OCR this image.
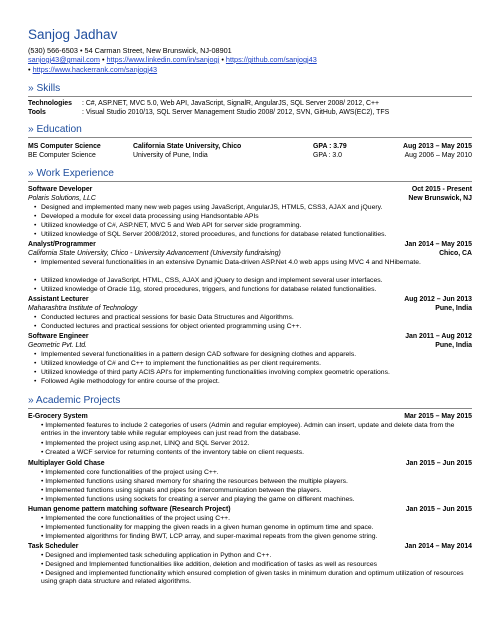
Sanjog Jadhav
(530) 566-6503 • 54 Carman Street, New Brunswick, NJ-08901
sanjogj43@gmail.com • https://www.linkedin.com/in/sanjogj • https://github.com/sanjogj43
• https://www.hackerrank.com/sanjogj43
» Skills
Technologies : C#, ASP.NET, MVC 5.0, Web API, JavaScript, SignalR, AngularJS, SQL Server 2008/ 2012, C++
Tools	: Visual Studio 2010/13, SQL Server Management Studio 2008/ 2012, SVN, GitHub, AWS(EC2), TFS
» Education
MS Computer Science	California State University, Chico	GPA : 3.79	Aug 2013 – May 2015
BE Computer Science	University of Pune, India	GPA : 3.0	Aug 2006 – May 2010
» Work Experience
Software Developer	Oct 2015 - Present
Polaris Solutions, LLC	New Brunswick, NJ
• Designed and implemented many new web pages using JavaScript, AngularJS, HTML5, CSS3, AJAX and jQuery.
• Developed a module for excel data processing using Handsontable APIs
• Utilized knowledge of C#, ASP.NET, MVC 5 and Web API for server side programming.
• Utilized knowledge of SQL Server 2008/2012, stored procedures, and functions for database related functionalities.
Analyst/Programmer	Jan 2014 – May 2015
California State University, Chico - University Advancement (University fundraising)	Chico, CA
• Implemented several functionalities in an extensive Dynamic Data-driven ASP.Net 4.0 web apps using MVC 4 and NHibernate.
• Utilized knowledge of JavaScript, HTML, CSS, AJAX and jQuery to design and implement several user interfaces.
• Utilized knowledge of Oracle 11g, stored procedures, triggers, and functions for database related functionalities.
Assistant Lecturer	Aug 2012 – Jun 2013
Maharashtra Institute of Technology	Pune, India
• Conducted lectures and practical sessions for basic Data Structures and Algorithms.
• Conducted lectures and practical sessions for object oriented programming using C++.
Software Engineer	Jan 2011 – Aug 2012
Geometric Pvt. Ltd.	Pune, India
• Implemented several functionalities in a pattern design CAD software for designing clothes and apparels.
• Utilized knowledge of C# and C++ to implement the functionalities as per client requirements.
• Utilized knowledge of third party ACIS API's for implementing functionalities involving complex geometric operations.
• Followed Agile methodology for entire course of the project.
» Academic Projects
E-Grocery System	Mar 2015 – May 2015
• Implemented features to include 2 categories of users (Admin and regular employee). Admin can insert, update and delete data from the entries in the inventory table while regular employees can just read from the database.
• Implemented the project using asp.net, LINQ and SQL Server 2012.
• Created a WCF service for returning contents of the inventory table on client requests.
Multiplayer Gold Chase	Jan 2015 – Jun 2015
• Implemented core functionalities of the project using C++.
• Implemented functions using shared memory for sharing the resources between the multiple players.
• Implemented functions using signals and pipes for intercommunication between the players.
• Implemented functions using sockets for creating a server and playing the game on different machines.
Human genome pattern matching software (Research Project)	Jan 2015 – Jun 2015
• Implemented the core functionalities of the project using C++.
• Implemented functionality for mapping the given reads in a given human genome in optimum time and space.
• Implemented algorithms for finding BWT, LCP array, and super-maximal repeats from the given genome string.
Task Scheduler	Jan 2014 – May 2014
• Designed and implemented task scheduling application in Python and C++.
• Designed and Implemented functionalities like addition, deletion and modification of tasks as well as resources
• Designed and implemented functionality which ensured completion of given tasks in minimum duration and optimum utilization of resources using graph data structure and related algorithms.
